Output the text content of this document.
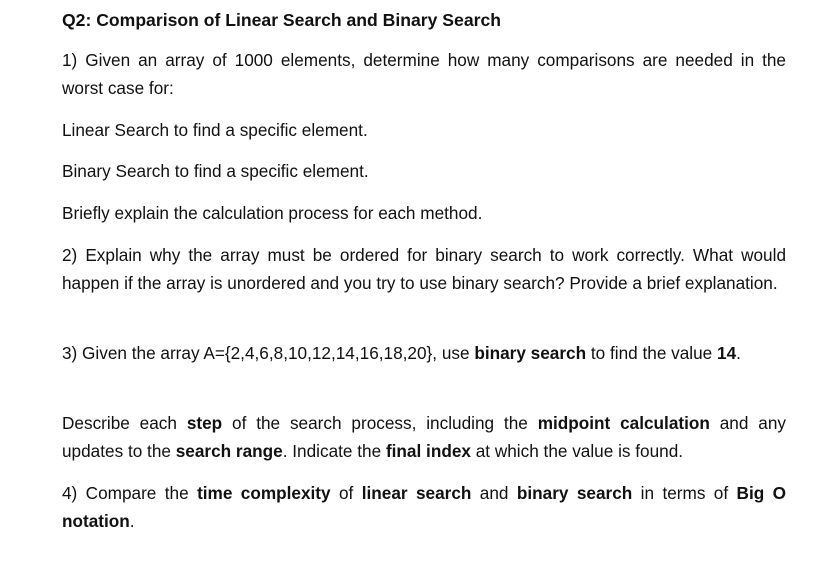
Q2: Comparison of Linear Search and Binary Search

1) Given an array of 1000 elements, determine how many comparisons are needed in the worst case for:

Linear Search to find a specific element.

Binary Search to find a specific element.

Briefly explain the calculation process for each method.

2) Explain why the array must be ordered for binary search to work correctly. What would happen if the array is unordered and you try to use binary search? Provide a brief explanation.

3) Given the array A={2,4,6,8,10,12,14,16,18,20}, use binary search to find the value 14.

Describe each step of the search process, including the midpoint calculation and any updates to the search range. Indicate the final index at which the value is found.

4) Compare the time complexity of linear search and binary search in terms of Big O notation.
